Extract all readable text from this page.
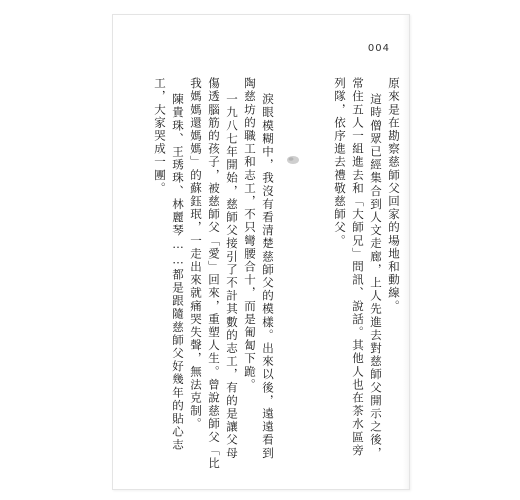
004
原來是在勘察慈師父回家的場地和動線。
這時僧眾已經集合到人文走廊，上人先進去對慈師父開示之後，
常住五人一組進去和「大師兄」問訊、說話。其他人也在茶水區旁
列隊，依序進去禮敬慈師父。
淚眼模糊中，我沒有看清楚慈師父的模樣。出來以後，遠遠看到
陶慈坊的職工和志工，不只彎腰合十，而是匍匐下跪。
一九八七年開始，慈師父接引了不計其數的志工，有的是讓父母
傷透腦筋的孩子，被慈師父「愛」回來，重塑人生。曾說慈師父「比
我媽媽還媽媽」的蘇鈺珉，一走出來就痛哭失聲，無法克制。
陳貴珠、王琇珠、林麗琴……都是跟隨慈師父好幾年的貼心志
工，大家哭成一團。
